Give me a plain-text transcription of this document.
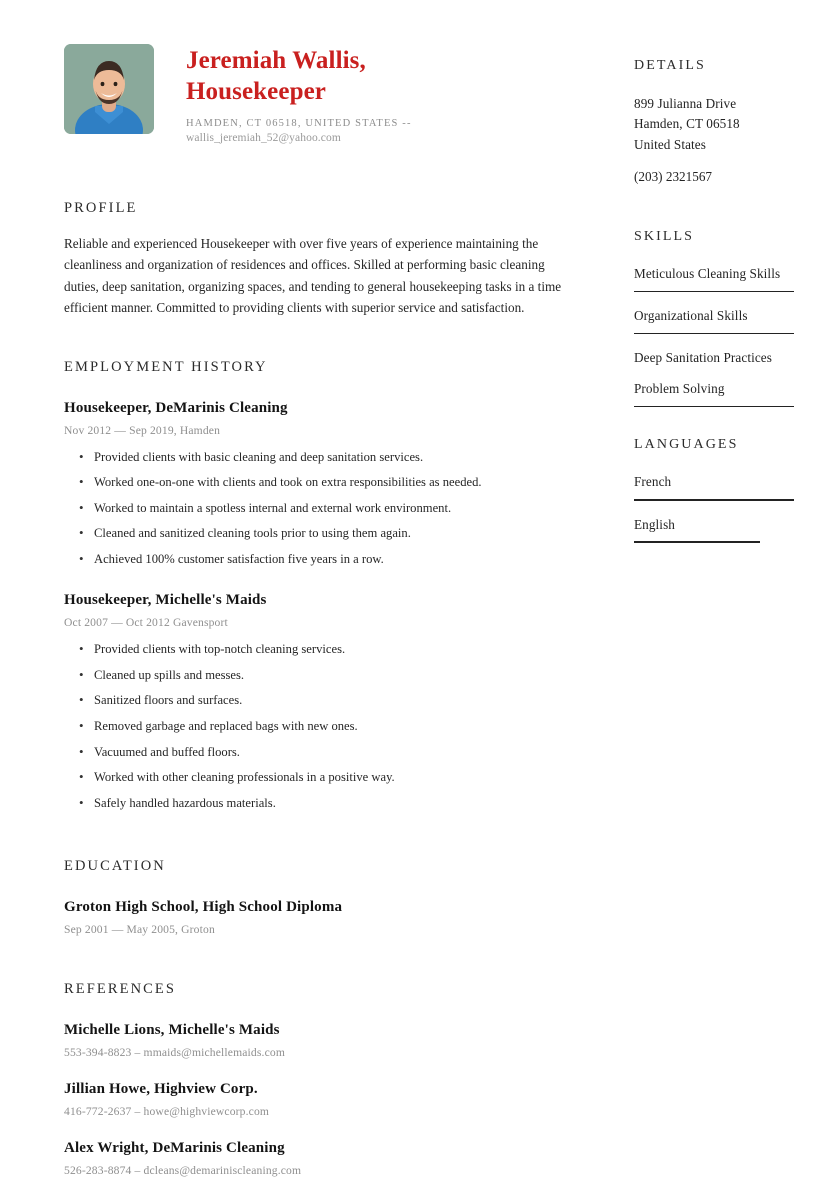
Jeremiah Wallis,
Housekeeper
HAMDEN, CT 06518, UNITED STATES --
wallis_jeremiah_52@yahoo.com
PROFILE

Reliable and experienced Housekeeper with over five years of experience maintaining the cleanliness and organization of residences and offices. Skilled at performing basic cleaning duties, deep sanitation, organizing spaces, and tending to general housekeeping tasks in a time efficient manner. Committed to providing clients with superior service and satisfaction.

EMPLOYMENT HISTORY
Housekeeper, DeMarinis Cleaning
Nov 2012 — Sep 2019, Hamden
• Provided clients with basic cleaning and deep sanitation services.
• Worked one-on-one with clients and took on extra responsibilities as needed.
• Worked to maintain a spotless internal and external work environment.
• Cleaned and sanitized cleaning tools prior to using them again.
• Achieved 100% customer satisfaction five years in a row.
Housekeeper, Michelle's Maids
Oct 2007 — Oct 2012 Gavensport
• Provided clients with top-notch cleaning services.
• Cleaned up spills and messes.
• Sanitized floors and surfaces.
• Removed garbage and replaced bags with new ones.
• Vacuumed and buffed floors.
• Worked with other cleaning professionals in a positive way.
• Safely handled hazardous materials.
EDUCATION
Groton High School, High School Diploma
Sep 2001 — May 2005, Groton
REFERENCES
Michelle Lions, Michelle's Maids
553-394-8823 – mmaids@michellemaids.com
Jillian Howe, Highview Corp.
416-772-2637 – howe@highviewcorp.com
Alex Wright, DeMarinis Cleaning
526-283-8874 – dcleans@demariniscleaning.com
DETAILS
899 Julianna Drive
Hamden, CT 06518
United States
(203) 2321567
SKILLS
Meticulous Cleaning Skills
Organizational Skills
Deep Sanitation Practices
Problem Solving
LANGUAGES
French
English
